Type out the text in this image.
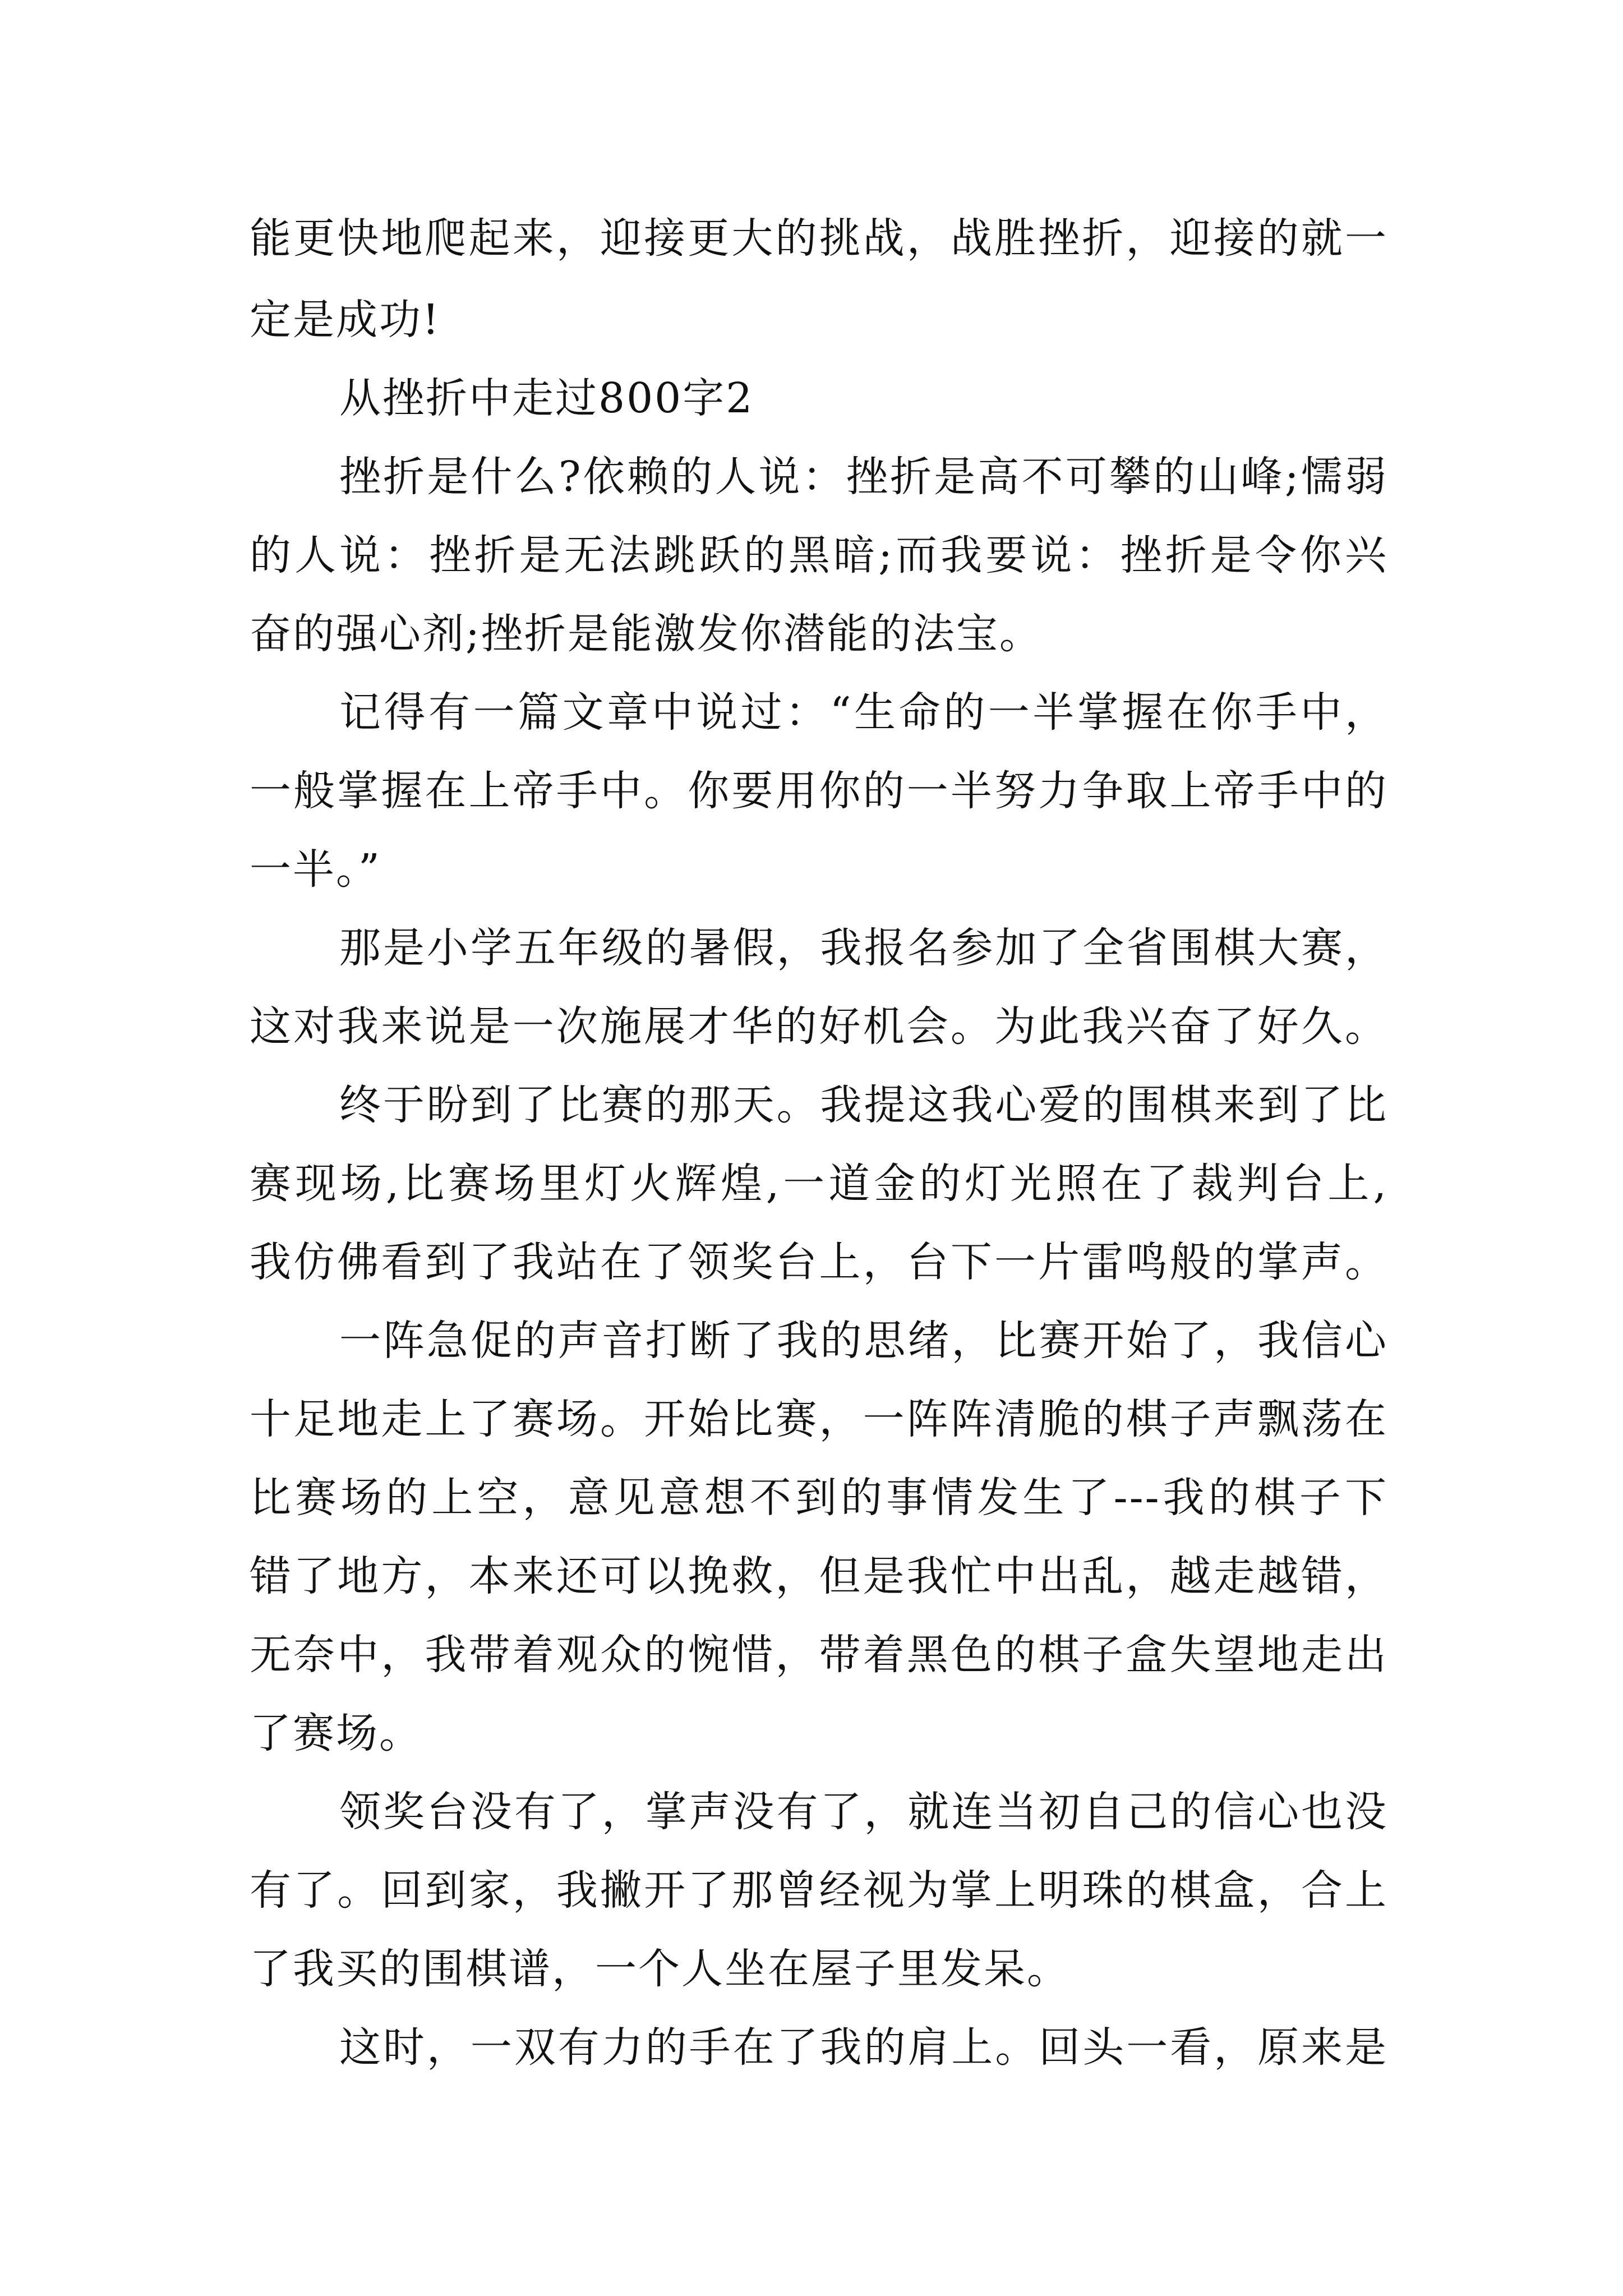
能更快地爬起来，迎接更大的挑战，战胜挫折，迎接的就一
定是成功!
从挫折中走过800字2
挫折是什么?依赖的人说：挫折是高不可攀的山峰;懦弱
的人说：挫折是无法跳跃的黑暗;而我要说：挫折是令你兴
奋的强心剂;挫折是能激发你潜能的法宝。
记得有一篇文章中说过：“生命的一半掌握在你手中，
一般掌握在上帝手中。你要用你的一半努力争取上帝手中的
一半。”
那是小学五年级的暑假，我报名参加了全省围棋大赛，
这对我来说是一次施展才华的好机会。为此我兴奋了好久。
终于盼到了比赛的那天。我提这我心爱的围棋来到了比
赛现场,比赛场里灯火辉煌,一道金的灯光照在了裁判台上,
我仿佛看到了我站在了领奖台上，台下一片雷鸣般的掌声。
一阵急促的声音打断了我的思绪，比赛开始了，我信心
十足地走上了赛场。开始比赛，一阵阵清脆的棋子声飘荡在
比赛场的上空，意见意想不到的事情发生了---我的棋子下
错了地方，本来还可以挽救，但是我忙中出乱，越走越错，
无奈中，我带着观众的惋惜，带着黑色的棋子盒失望地走出
了赛场。
领奖台没有了，掌声没有了，就连当初自己的信心也没
有了。回到家，我撇开了那曾经视为掌上明珠的棋盒，合上
了我买的围棋谱，一个人坐在屋子里发呆。
这时，一双有力的手在了我的肩上。回头一看，原来是
